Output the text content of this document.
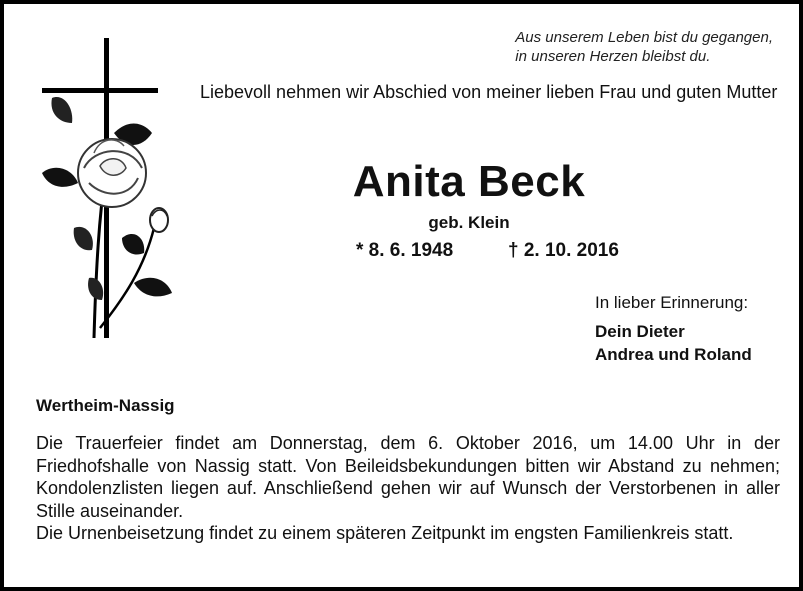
Aus unserem Leben bist du gegangen,
in unseren Herzen bleibst du.
Liebevoll nehmen wir Abschied von meiner lieben Frau und guten Mutter
Anita Beck
geb. Klein
* 8. 6. 1948	† 2. 10. 2016
In lieber Erinnerung:
Dein Dieter
Andrea und Roland
Wertheim-Nassig

Die Trauerfeier findet am Donnerstag, dem 6. Oktober 2016, um 14.00 Uhr in der Friedhofshalle von Nassig statt. Von Beileidsbekundungen bitten wir Abstand zu nehmen; Kondolenzlisten liegen auf. Anschließend gehen wir auf Wunsch der Verstorbenen in aller Stille auseinander.

Die Urnenbeisetzung findet zu einem späteren Zeitpunkt im engsten Familienkreis statt.
